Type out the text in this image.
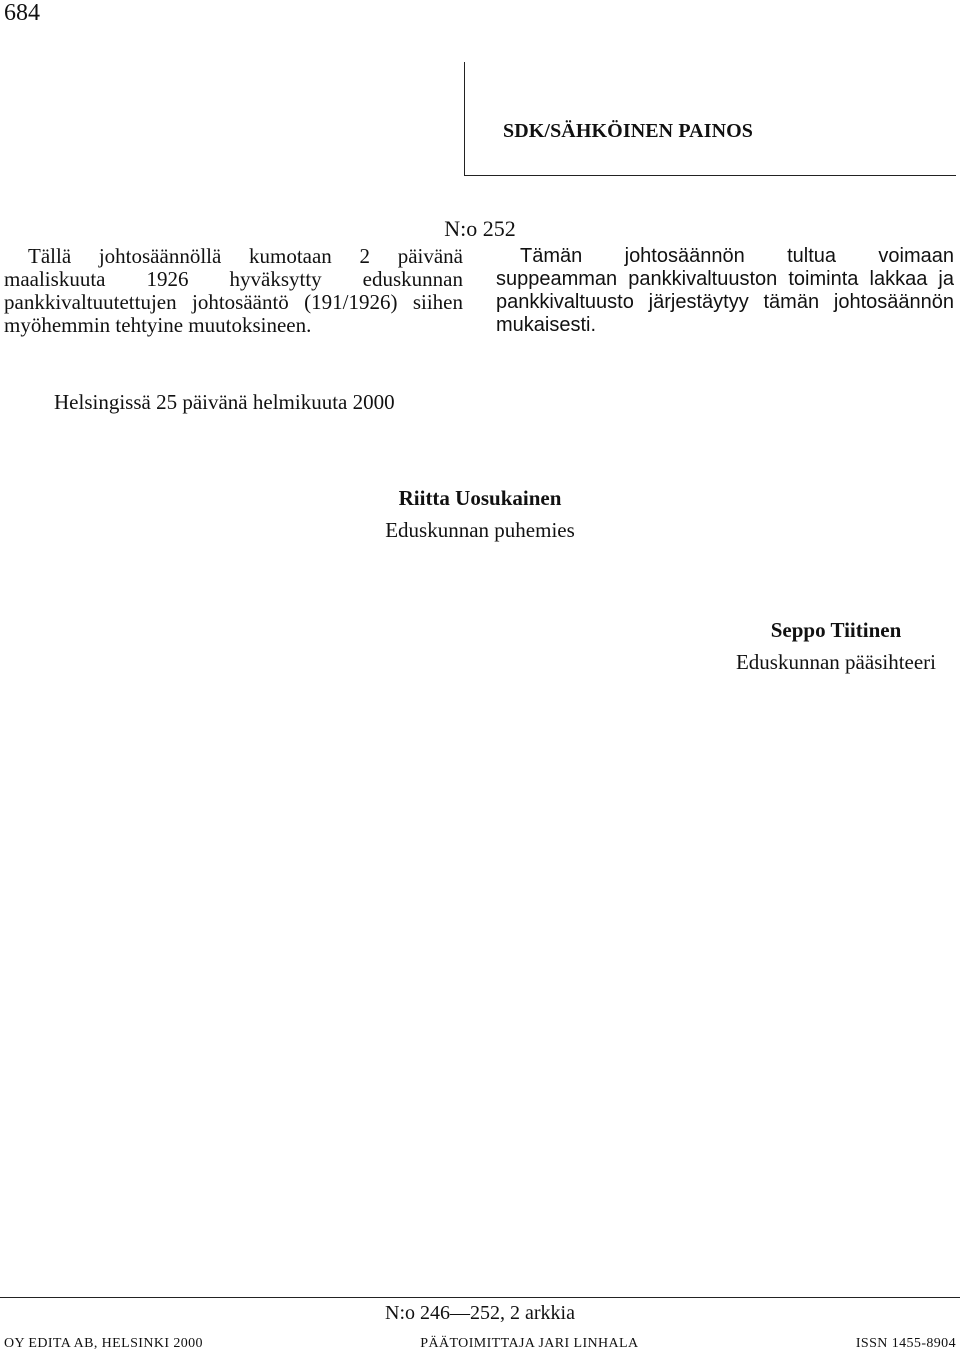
684
SDK/SÄHKÖINEN PAINOS
N:o 252

Tällä johtosäännöllä kumotaan 2 päivänä maaliskuuta 1926 hyväksytty eduskunnan pankkivaltuutettujen johtosääntö (191/1926) siihen myöhemmin tehtyine muutoksineen.

Tämän johtosäännön tultua voimaan suppeamman pankkivaltuuston toiminta lakkaa ja pankkivaltuusto järjestäytyy tämän johtosäännön mukaisesti.

Helsingissä 25 päivänä helmikuuta 2000
Riitta Uosukainen
Eduskunnan puhemies
Seppo Tiitinen
Eduskunnan pääsihteeri
N:o 246—252, 2 arkkia
OY EDITA AB, HELSINKI 2000	PÄÄTOIMITTAJA JARI LINHALA	ISSN 1455-8904
